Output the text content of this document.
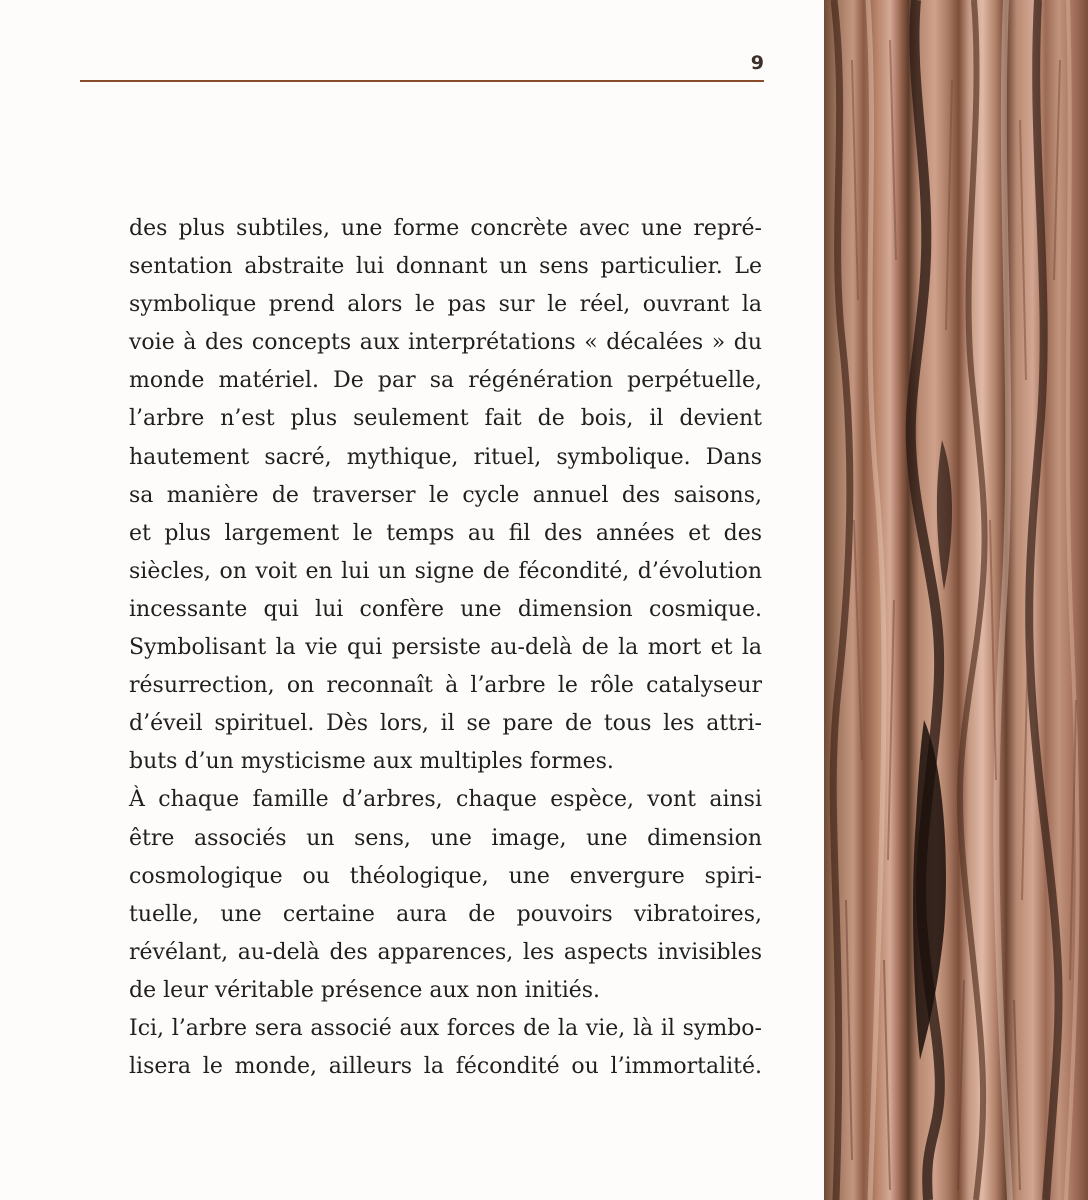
9
des plus subtiles, une forme concrète avec une repré-
sentation abstraite lui donnant un sens particulier. Le
symbolique prend alors le pas sur le réel, ouvrant la
voie à des concepts aux interprétations « décalées » du
monde matériel. De par sa régénération perpétuelle,
l’arbre n’est plus seulement fait de bois, il devient
hautement sacré, mythique, rituel, symbolique. Dans
sa manière de traverser le cycle annuel des saisons,
et plus largement le temps au fil des années et des
siècles, on voit en lui un signe de fécondité, d’évolution
incessante qui lui confère une dimension cosmique.
Symbolisant la vie qui persiste au-delà de la mort et la
résurrection, on reconnaît à l’arbre le rôle catalyseur
d’éveil spirituel. Dès lors, il se pare de tous les attri-
buts d’un mysticisme aux multiples formes.
À chaque famille d’arbres, chaque espèce, vont ainsi
être associés un sens, une image, une dimension
cosmologique ou théologique, une envergure spiri-
tuelle, une certaine aura de pouvoirs vibratoires,
révélant, au-delà des apparences, les aspects invisibles
de leur véritable présence aux non initiés.
Ici, l’arbre sera associé aux forces de la vie, là il symbo-
lisera le monde, ailleurs la fécondité ou l’immortalité.
